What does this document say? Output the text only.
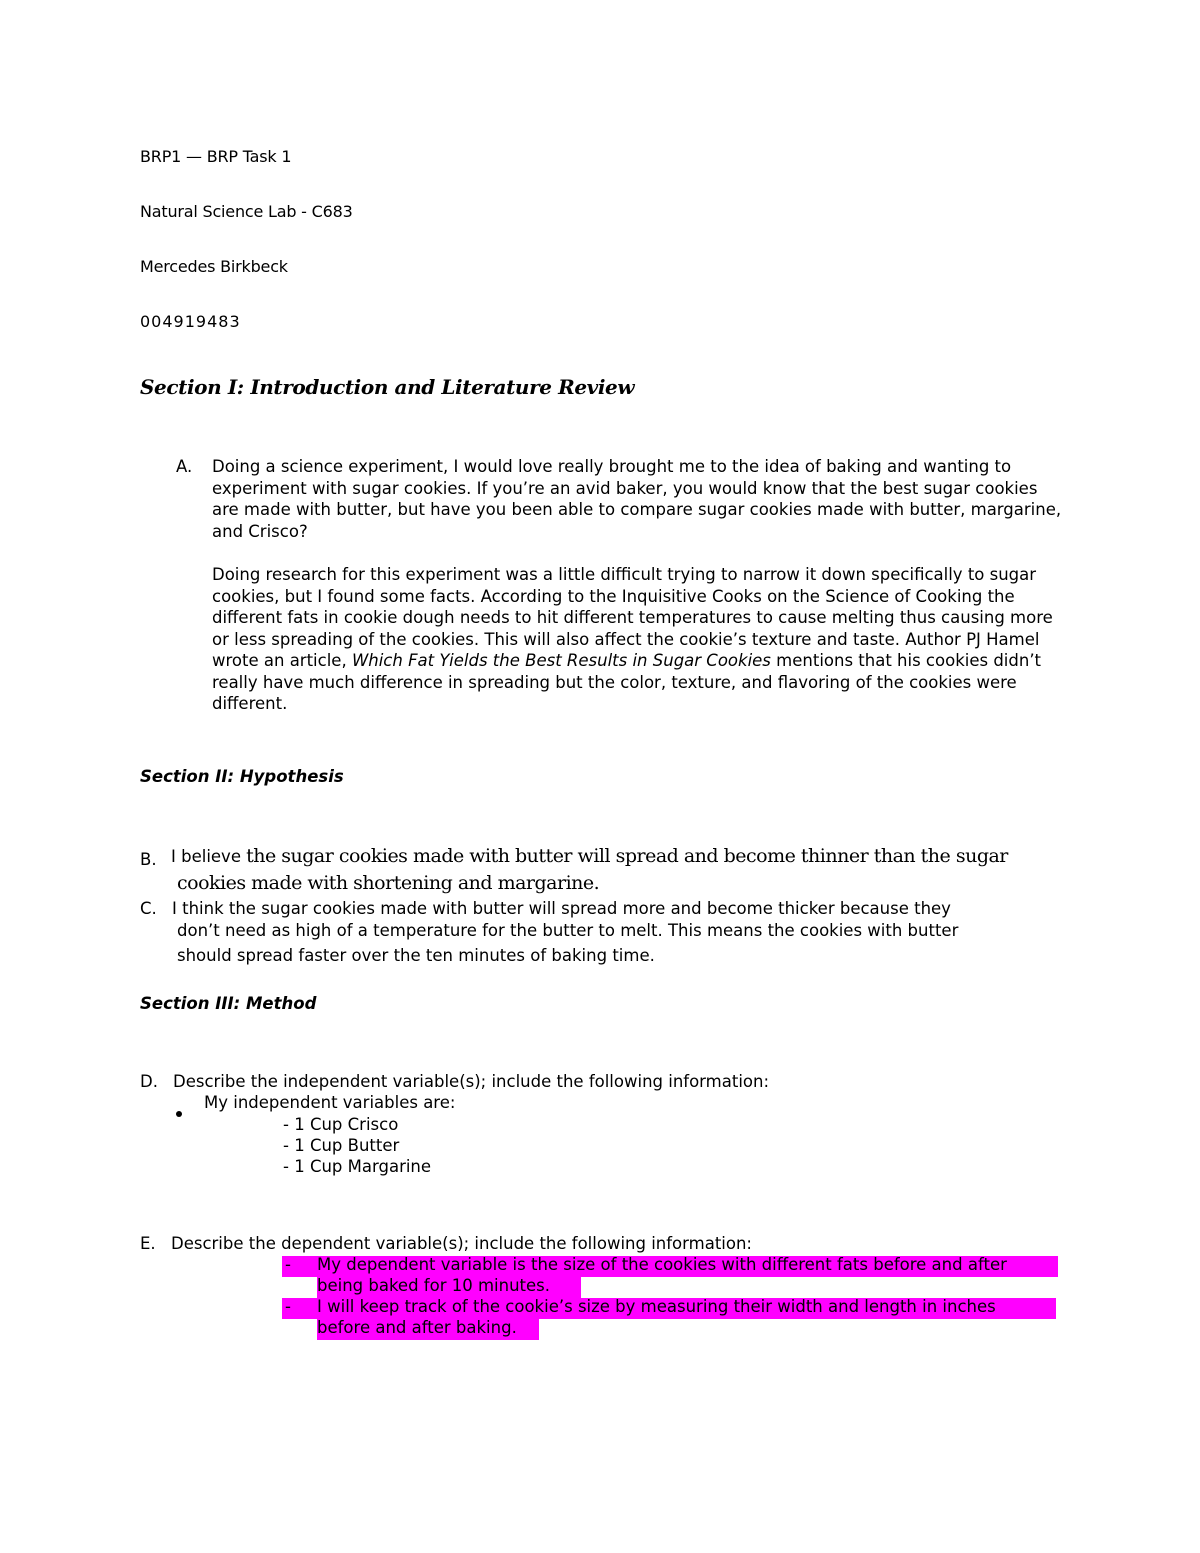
BRP1 — BRP Task 1
Natural Science Lab - C683
Mercedes Birkbeck
004919483
Section I: Introduction and Literature Review
A. Doing a science experiment, I would love really brought me to the idea of baking and wanting to experiment with sugar cookies. If you’re an avid baker, you would know that the best sugar cookies are made with butter, but have you been able to compare sugar cookies made with butter, margarine, and Crisco?

Doing research for this experiment was a little difficult trying to narrow it down specifically to sugar cookies, but I found some facts. According to the Inquisitive Cooks on the Science of Cooking the different fats in cookie dough needs to hit different temperatures to cause melting thus causing more or less spreading of the cookies. This will also affect the cookie’s texture and taste. Author PJ Hamel wrote an article, Which Fat Yields the Best Results in Sugar Cookies mentions that his cookies didn’t really have much difference in spreading but the color, texture, and flavoring of the cookies were different.

Section II: Hypothesis
B. I believe the sugar cookies made with butter will spread and become thinner than the sugar
cookies made with shortening and margarine.
C. I think the sugar cookies made with butter will spread more and become thicker because they
don’t need as high of a temperature for the butter to melt. This means the cookies with butter
should spread faster over the ten minutes of baking time.
Section III: Method
D. Describe the independent variable(s); include the following information:
My independent variables are:
- 1 Cup Crisco
- 1 Cup Butter
- 1 Cup Margarine
E. Describe the dependent variable(s); include the following information:
- My dependent variable is the size of the cookies with different fats before and after
being baked for 10 minutes.
- I will keep track of the cookie’s size by measuring their width and length in inches
before and after baking.
